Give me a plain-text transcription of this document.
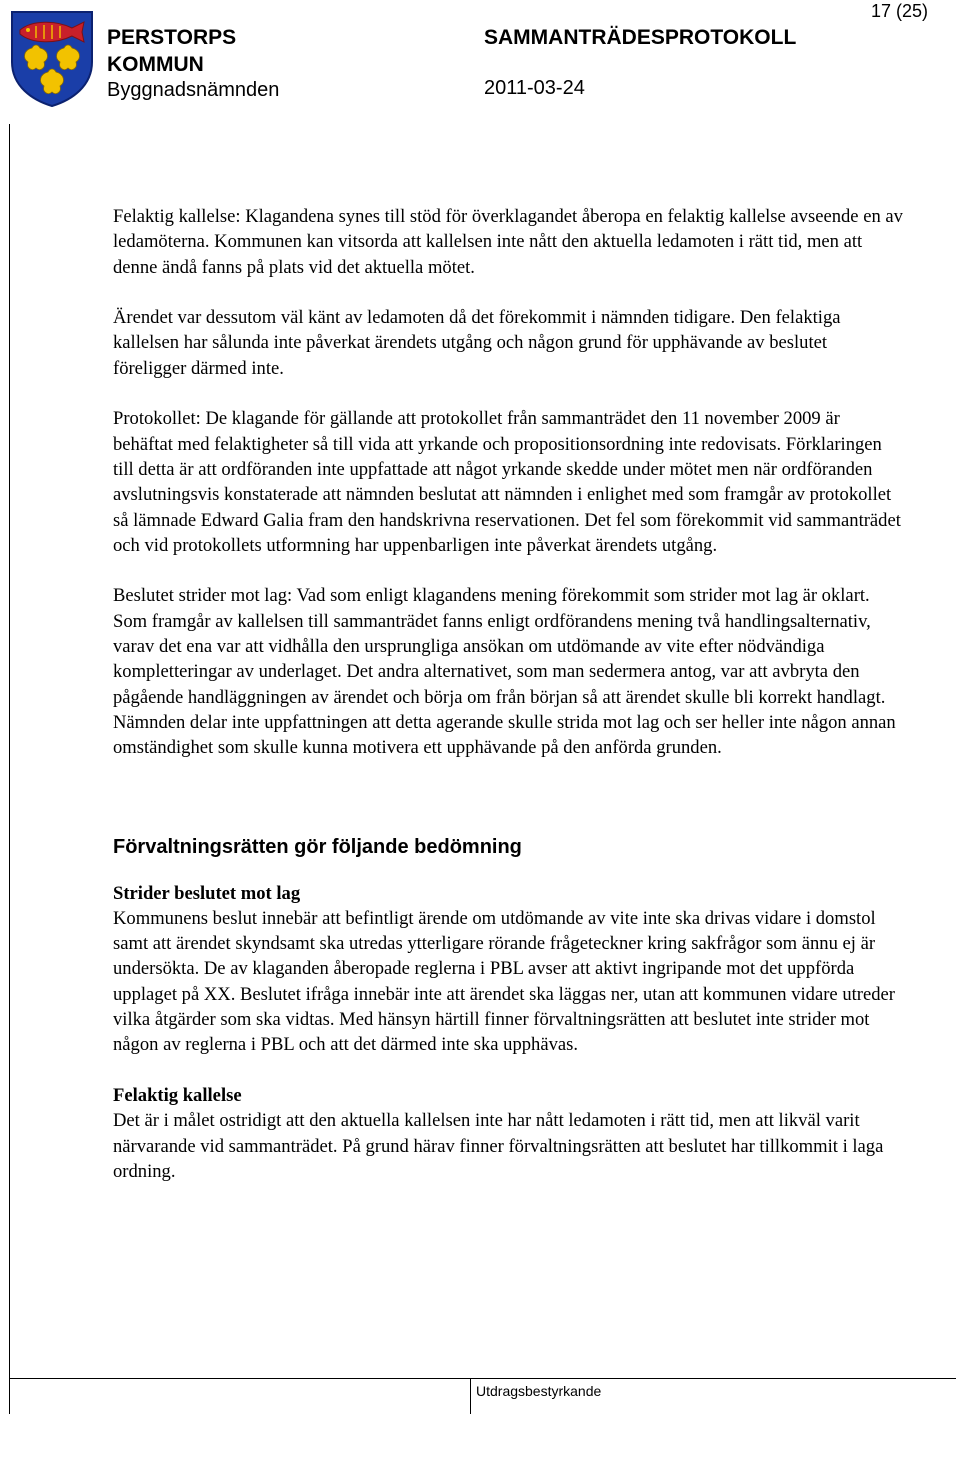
PERSTORPS
KOMMUN
Byggnadsnämnden
SAMMANTRÄDESPROTOKOLL
2011-03-24
17 (25)

Felaktig kallelse: Klagandena synes till stöd för överklagandet åberopa en felaktig kallelse avseende en av ledamöterna. Kommunen kan vitsorda att kallelsen inte nått den aktuella ledamoten i rätt tid, men att denne ändå fanns på plats vid det aktuella mötet.

Ärendet var dessutom väl känt av ledamoten då det förekommit i nämnden tidigare. Den felaktiga kallelsen har sålunda inte påverkat ärendets utgång och någon grund för upphävande av beslutet föreligger därmed inte.

Protokollet: De klagande för gällande att protokollet från sammanträdet den 11 november 2009 är behäftat med felaktigheter så till vida att yrkande och propositionsordning inte redovisats. Förklaringen till detta är att ordföranden inte uppfattade att något yrkande skedde under mötet men när ordföranden avslutningsvis konstaterade att nämnden beslutat att nämnden i enlighet med som framgår av protokollet så lämnade Edward Galia fram den handskrivna reservationen. Det fel som förekommit vid sammanträdet och vid protokollets utformning har uppenbarligen inte påverkat ärendets utgång.

Beslutet strider mot lag: Vad som enligt klagandens mening förekommit som strider mot lag är oklart. Som framgår av kallelsen till sammanträdet fanns enligt ordförandens mening två handlingsalternativ, varav det ena var att vidhålla den ursprungliga ansökan om utdömande av vite efter nödvändiga kompletteringar av underlaget. Det andra alternativet, som man sedermera antog, var att avbryta den pågående handläggningen av ärendet och börja om från början så att ärendet skulle bli korrekt handlagt. Nämnden delar inte uppfattningen att detta agerande skulle strida mot lag och ser heller inte någon annan omständighet som skulle kunna motivera ett upphävande på den anförda grunden.

Förvaltningsrätten gör följande bedömning
Strider beslutet mot lag

Kommunens beslut innebär att befintligt ärende om utdömande av vite inte ska drivas vidare i domstol samt att ärendet skyndsamt ska utredas ytterligare rörande frågeteckner kring sakfrågor som ännu ej är undersökta. De av klaganden åberopade reglerna i PBL avser att aktivt ingripande mot det uppförda upplaget på XX. Beslutet ifråga innebär inte att ärendet ska läggas ner, utan att kommunen vidare utreder vilka åtgärder som ska vidtas. Med hänsyn härtill finner förvaltningsrätten att beslutet inte strider mot någon av reglerna i PBL och att det därmed inte ska upphävas.

Felaktig kallelse

Det är i målet ostridigt att den aktuella kallelsen inte har nått ledamoten i rätt tid, men att likväl varit närvarande vid sammanträdet. På grund härav finner förvaltningsrätten att beslutet har tillkommit i laga ordning.

Utdragsbestyrkande
